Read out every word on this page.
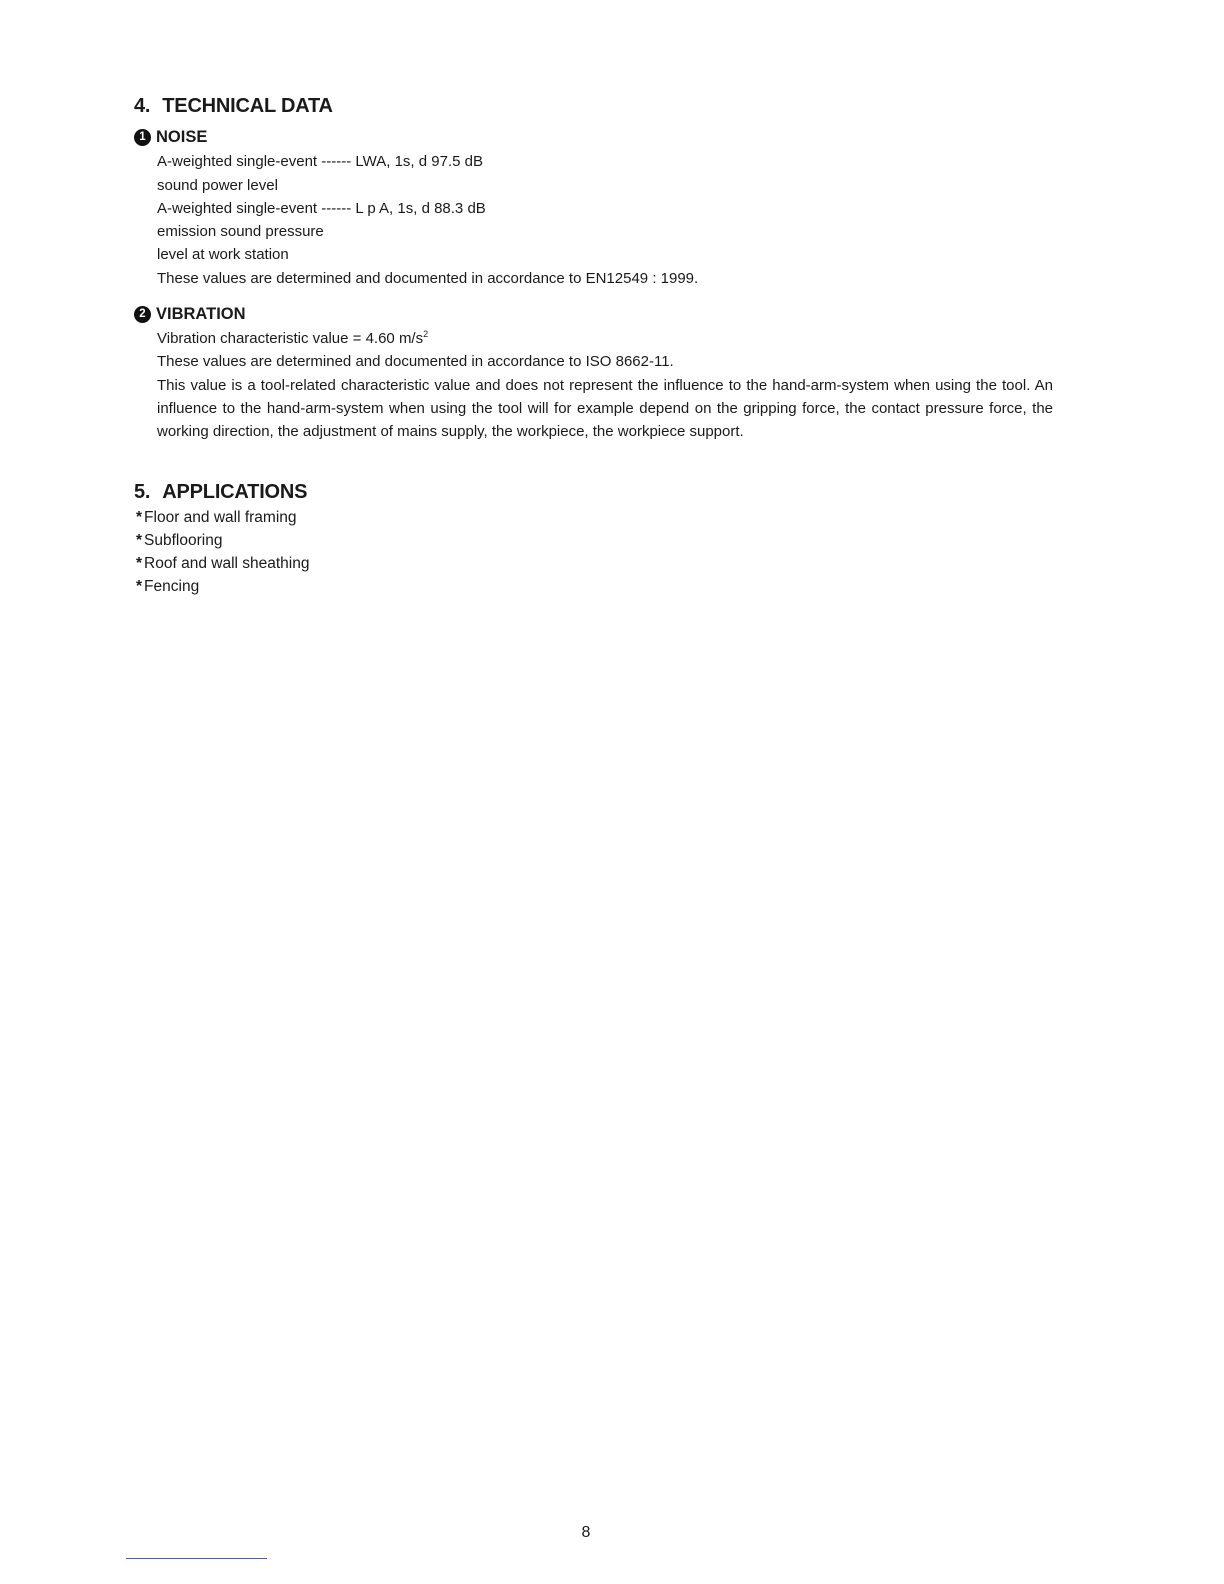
4. TECHNICAL DATA
1 NOISE

A-weighted single-event ------ LWA, 1s, d 97.5 dB

sound power level

A-weighted single-event ------ L p A, 1s, d 88.3 dB

emission sound pressure

level at work station

These values are determined and documented in accordance to EN12549 : 1999.

2 VIBRATION

Vibration characteristic value = 4.60 $m/s^2$

These values are determined and documented in accordance to ISO 8662-11.

This value is a tool-related characteristic value and does not represent the influence to the hand-arm-system when using the tool. An influence to the hand-arm-system when using the tool will for example depend on the gripping force, the contact pressure force, the working direction, the adjustment of mains supply, the workpiece, the workpiece support.

5. APPLICATIONS

* Floor and wall framing

* Subflooring

* Roof and wall sheathing

* Fencing

8
